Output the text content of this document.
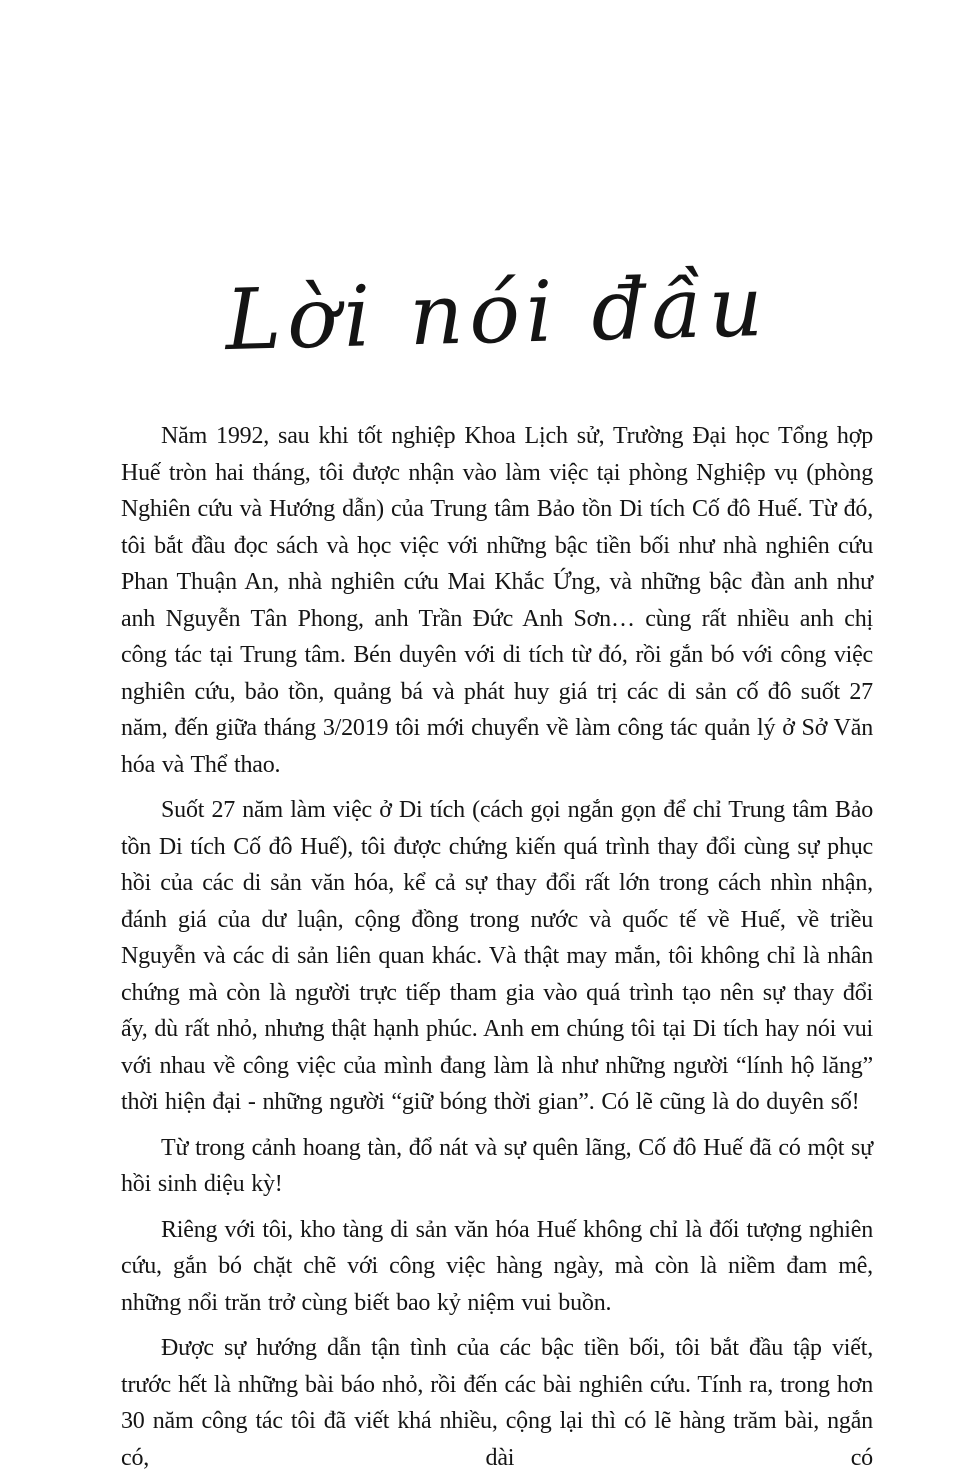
Lời nói đầu

Năm 1992, sau khi tốt nghiệp Khoa Lịch sử, Trường Đại học Tổng hợp Huế tròn hai tháng, tôi được nhận vào làm việc tại phòng Nghiệp vụ (phòng Nghiên cứu và Hướng dẫn) của Trung tâm Bảo tồn Di tích Cố đô Huế. Từ đó, tôi bắt đầu đọc sách và học việc với những bậc tiền bối như nhà nghiên cứu Phan Thuận An, nhà nghiên cứu Mai Khắc Ứng, và những bậc đàn anh như anh Nguyễn Tân Phong, anh Trần Đức Anh Sơn… cùng rất nhiều anh chị công tác tại Trung tâm. Bén duyên với di tích từ đó, rồi gắn bó với công việc nghiên cứu, bảo tồn, quảng bá và phát huy giá trị các di sản cố đô suốt 27 năm, đến giữa tháng 3/2019 tôi mới chuyển về làm công tác quản lý ở Sở Văn hóa và Thể thao.

Suốt 27 năm làm việc ở Di tích (cách gọi ngắn gọn để chỉ Trung tâm Bảo tồn Di tích Cố đô Huế), tôi được chứng kiến quá trình thay đổi cùng sự phục hồi của các di sản văn hóa, kể cả sự thay đổi rất lớn trong cách nhìn nhận, đánh giá của dư luận, cộng đồng trong nước và quốc tế về Huế, về triều Nguyễn và các di sản liên quan khác. Và thật may mắn, tôi không chỉ là nhân chứng mà còn là người trực tiếp tham gia vào quá trình tạo nên sự thay đổi ấy, dù rất nhỏ, nhưng thật hạnh phúc. Anh em chúng tôi tại Di tích hay nói vui với nhau về công việc của mình đang làm là như những người “lính hộ lăng” thời hiện đại - những người “giữ bóng thời gian”. Có lẽ cũng là do duyên số!

Từ trong cảnh hoang tàn, đổ nát và sự quên lãng, Cố đô Huế đã có một sự hồi sinh diệu kỳ!

Riêng với tôi, kho tàng di sản văn hóa Huế không chỉ là đối tượng nghiên cứu, gắn bó chặt chẽ với công việc hàng ngày, mà còn là niềm đam mê, những nổi trăn trở cùng biết bao kỷ niệm vui buồn.

Được sự hướng dẫn tận tình của các bậc tiền bối, tôi bắt đầu tập viết, trước hết là những bài báo nhỏ, rồi đến các bài nghiên cứu. Tính ra, trong hơn 30 năm công tác tôi đã viết khá nhiều, cộng lại thì có lẽ hàng trăm bài, ngắn có, dài có
